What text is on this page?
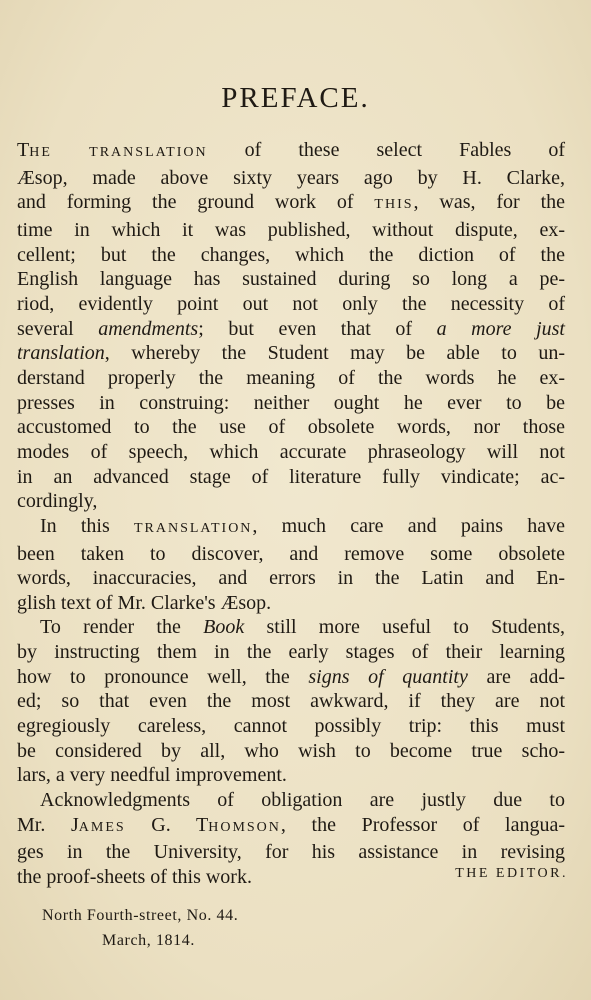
PREFACE.

THE TRANSLATION of these select Fables of
Æsop, made above sixty years ago by H. Clarke,
and forming the ground work of THIS, was, for the
time in which it was published, without dispute, ex-
cellent; but the changes, which the diction of the
English language has sustained during so long a pe-
riod, evidently point out not only the necessity of
several amendments; but even that of a more just
translation, whereby the Student may be able to un-
derstand properly the meaning of the words he ex-
presses in construing: neither ought he ever to be
accustomed to the use of obsolete words, nor those
modes of speech, which accurate phraseology will not
in an advanced stage of literature fully vindicate; ac-
cordingly,

In this TRANSLATION, much care and pains have
been taken to discover, and remove some obsolete
words, inaccuracies, and errors in the Latin and En-
glish text of Mr. Clarke's Æsop.

To render the Book still more useful to Students,
by instructing them in the early stages of their learning
how to pronounce well, the signs of quantity are add-
ed; so that even the most awkward, if they are not
egregiously careless, cannot possibly trip: this must
be considered by all, who wish to become true scho-
lars, a very needful improvement.

Acknowledgments of obligation are justly due to
Mr. JAMES G. THOMSON, the Professor of langua-
ges in the University, for his assistance in revising
the proof-sheets of this work.	THE EDITOR.
North Fourth-street, No. 44.
March, 1814.
